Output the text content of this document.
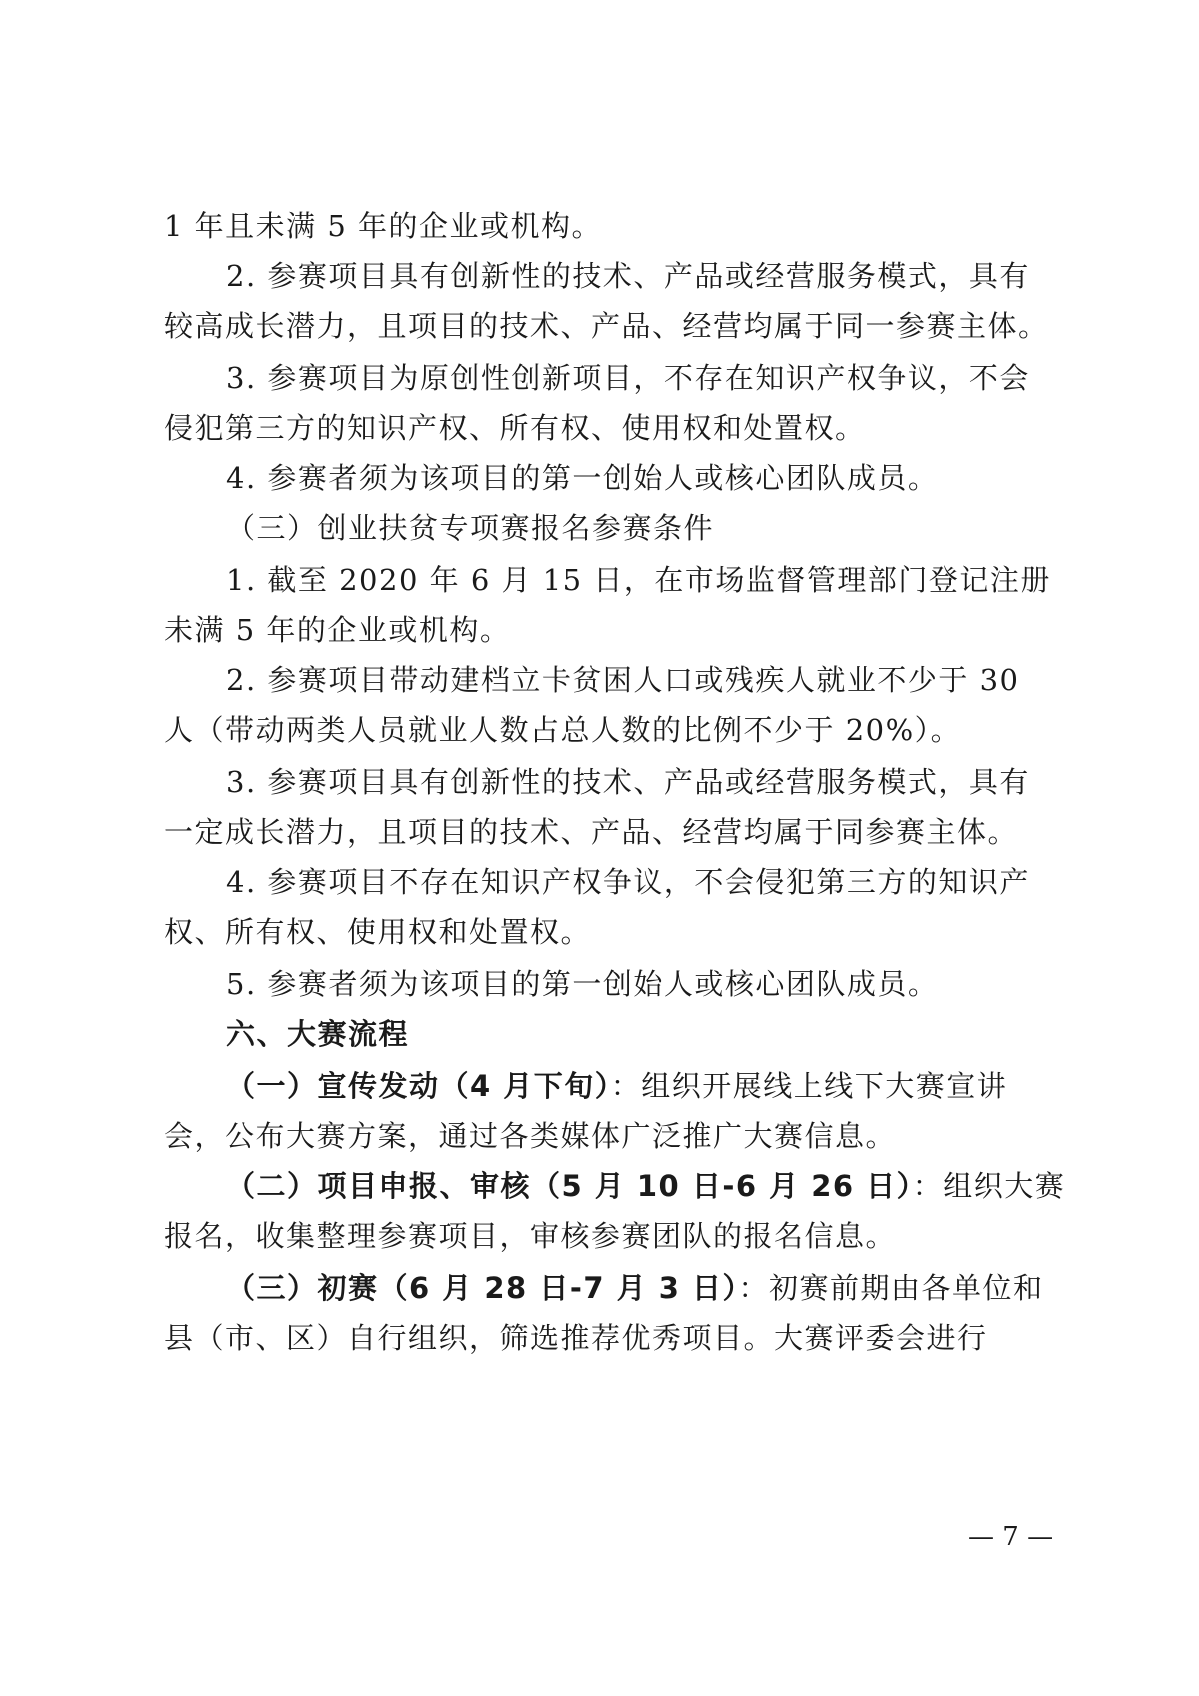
1 年且未满 5 年的企业或机构。
2. 参赛项目具有创新性的技术、产品或经营服务模式，具有
较高成长潜力，且项目的技术、产品、经营均属于同一参赛主体。
3. 参赛项目为原创性创新项目，不存在知识产权争议，不会
侵犯第三方的知识产权、所有权、使用权和处置权。
4. 参赛者须为该项目的第一创始人或核心团队成员。
（三）创业扶贫专项赛报名参赛条件
1. 截至 2020 年 6 月 15 日，在市场监督管理部门登记注册
未满 5 年的企业或机构。
2. 参赛项目带动建档立卡贫困人口或残疾人就业不少于 30
人（带动两类人员就业人数占总人数的比例不少于 20%）。
3. 参赛项目具有创新性的技术、产品或经营服务模式，具有
一定成长潜力，且项目的技术、产品、经营均属于同参赛主体。
4. 参赛项目不存在知识产权争议，不会侵犯第三方的知识产
权、所有权、使用权和处置权。
5. 参赛者须为该项目的第一创始人或核心团队成员。
六、大赛流程
（一）宣传发动（4 月下旬）：组织开展线上线下大赛宣讲
会，公布大赛方案，通过各类媒体广泛推广大赛信息。
（二）项目申报、审核（5 月 10 日-6 月 26 日）：组织大赛
报名，收集整理参赛项目，审核参赛团队的报名信息。
（三）初赛（6 月 28 日-7 月 3 日）：初赛前期由各单位和
县（市、区）自行组织，筛选推荐优秀项目。大赛评委会进行
— 7 —
